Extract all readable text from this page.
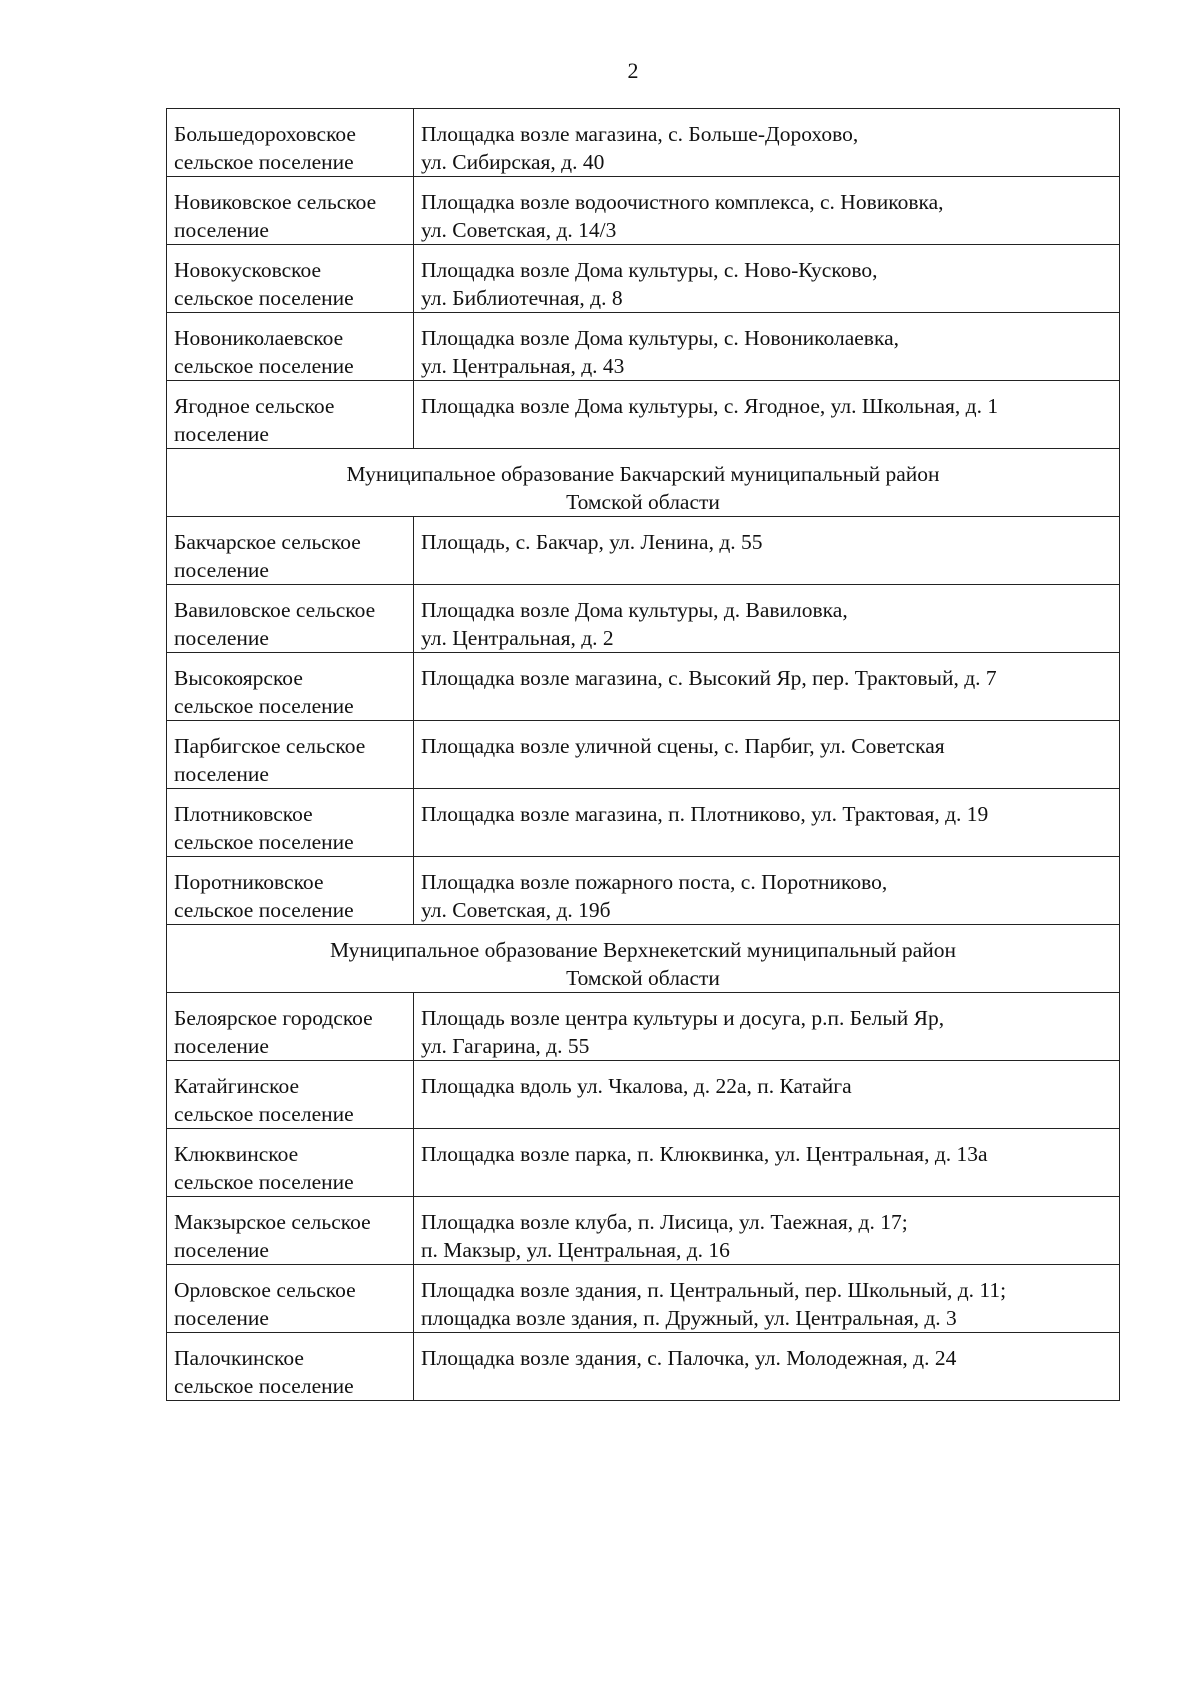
2
Большедороховское
сельское поселение	Площадка возле магазина, с. Больше-Дорохово,
ул. Сибирская, д. 40

Новиковское сельское
поселение	Площадка возле водоочистного комплекса, с. Новиковка,
ул. Советская, д. 14/3

Новокусковское
сельское поселение	Площадка возле Дома культуры, с. Ново-Кусково,
ул. Библиотечная, д. 8

Новониколаевское
сельское поселение	Площадка возле Дома культуры, с. Новониколаевка,
ул. Центральная, д. 43

Ягодное сельское
поселение	Площадка возле Дома культуры, с. Ягодное, ул. Школьная, д. 1

Муниципальное образование Бакчарский муниципальный район
Томской области	

Бакчарское сельское
поселение	Площадь, с. Бакчар, ул. Ленина, д. 55

Вавиловское сельское
поселение	Площадка возле Дома культуры, д. Вавиловка,
ул. Центральная, д. 2

Высокоярское
сельское поселение	Площадка возле магазина, с. Высокий Яр, пер. Трактовый, д. 7

Парбигское сельское
поселение	Площадка возле уличной сцены, с. Парбиг, ул. Советская

Плотниковское
сельское поселение	Площадка возле магазина, п. Плотниково, ул. Трактовая, д. 19

Поротниковское
сельское поселение	Площадка возле пожарного поста, с. Поротниково,
ул. Советская, д. 19б

Муниципальное образование Верхнекетский муниципальный район
Томской области	

Белоярское городское
поселение	Площадь возле центра культуры и досуга, р.п. Белый Яр,
ул. Гагарина, д. 55

Катайгинское
сельское поселение	Площадка вдоль ул. Чкалова, д. 22а, п. Катайга

Клюквинское
сельское поселение	Площадка возле парка, п. Клюквинка, ул. Центральная, д. 13а

Макзырское сельское
поселение	Площадка возле клуба, п. Лисица, ул. Таежная, д. 17;
п. Макзыр, ул. Центральная, д. 16

Орловское сельское
поселение	Площадка возле здания, п. Центральный, пер. Школьный, д. 11;
площадка возле здания, п. Дружный, ул. Центральная, д. 3

Палочкинское
сельское поселение	Площадка возле здания, с. Палочка, ул. Молодежная, д. 24
